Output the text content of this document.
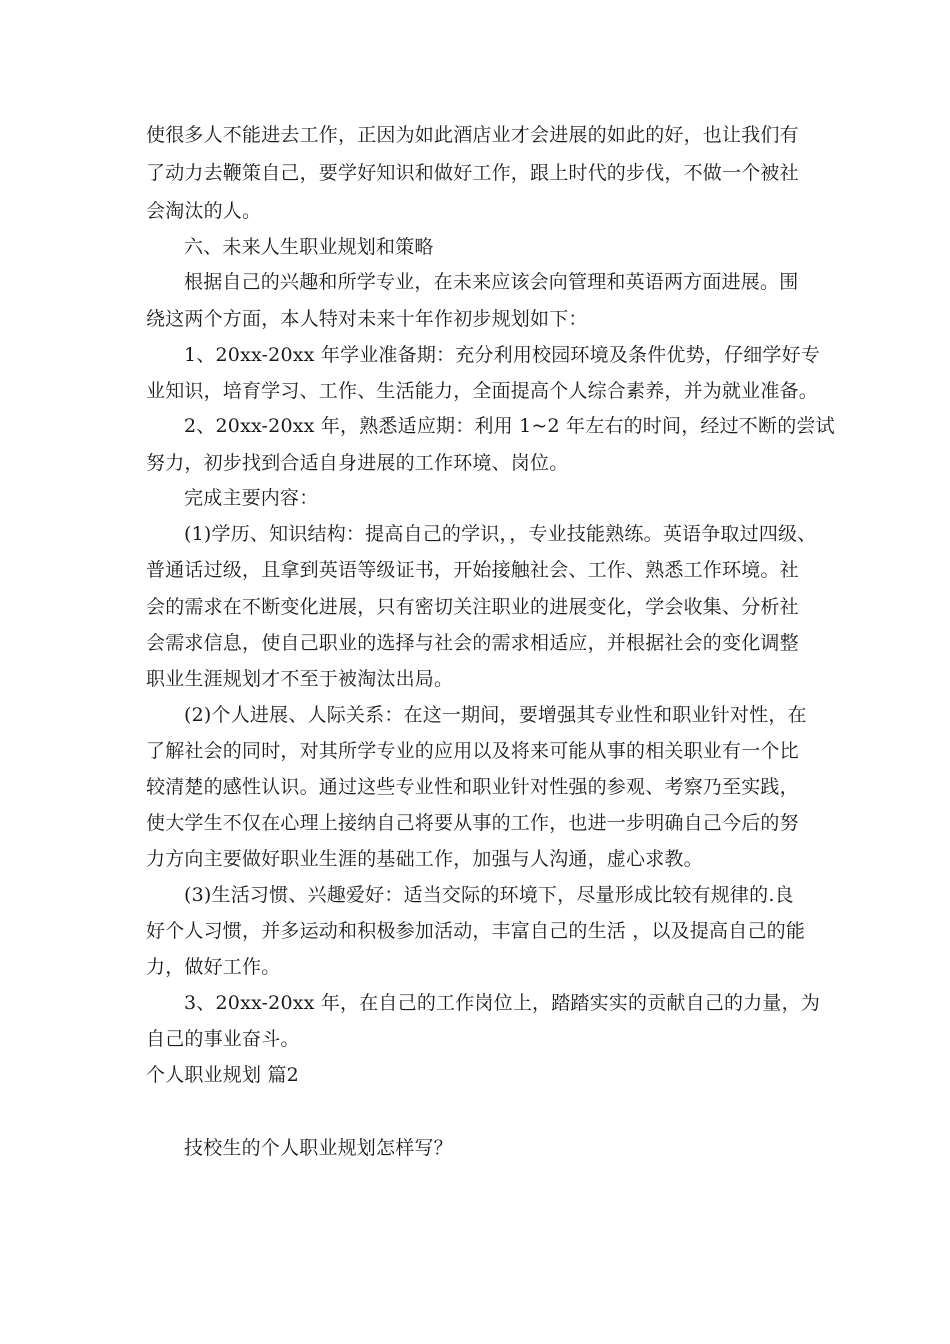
使很多人不能进去工作，正因为如此酒店业才会进展的如此的好，也让我们有
了动力去鞭策自己，要学好知识和做好工作，跟上时代的步伐，不做一个被社
会淘汰的人。
六、未来人生职业规划和策略
根据自己的兴趣和所学专业，在未来应该会向管理和英语两方面进展。围
绕这两个方面，本人特对未来十年作初步规划如下：
1、20xx-20xx 年学业准备期：充分利用校园环境及条件优势，仔细学好专
业知识，培育学习、工作、生活能力，全面提高个人综合素养，并为就业准备。
2、20xx-20xx 年，熟悉适应期：利用 1~2 年左右的时间，经过不断的尝试
努力，初步找到合适自身进展的工作环境、岗位。
完成主要内容：
(1)学历、知识结构：提高自己的学识，，专业技能熟练。英语争取过四级、
普通话过级，且拿到英语等级证书，开始接触社会、工作、熟悉工作环境。社
会的需求在不断变化进展，只有密切关注职业的进展变化，学会收集、分析社
会需求信息，使自己职业的选择与社会的需求相适应，并根据社会的变化调整
职业生涯规划才不至于被淘汰出局。
(2)个人进展、人际关系：在这一期间，要增强其专业性和职业针对性，在
了解社会的同时，对其所学专业的应用以及将来可能从事的相关职业有一个比
较清楚的感性认识。通过这些专业性和职业针对性强的参观、考察乃至实践，
使大学生不仅在心理上接纳自己将要从事的工作，也进一步明确自己今后的努
力方向主要做好职业生涯的基础工作，加强与人沟通，虚心求教。
(3)生活习惯、兴趣爱好：适当交际的环境下，尽量形成比较有规律的.良
好个人习惯，并多运动和积极参加活动，丰富自己的生活 ，以及提高自己的能
力，做好工作。
3、20xx-20xx 年，在自己的工作岗位上，踏踏实实的贡献自己的力量，为
自己的事业奋斗。
个人职业规划 篇2
技校生的个人职业规划怎样写？
